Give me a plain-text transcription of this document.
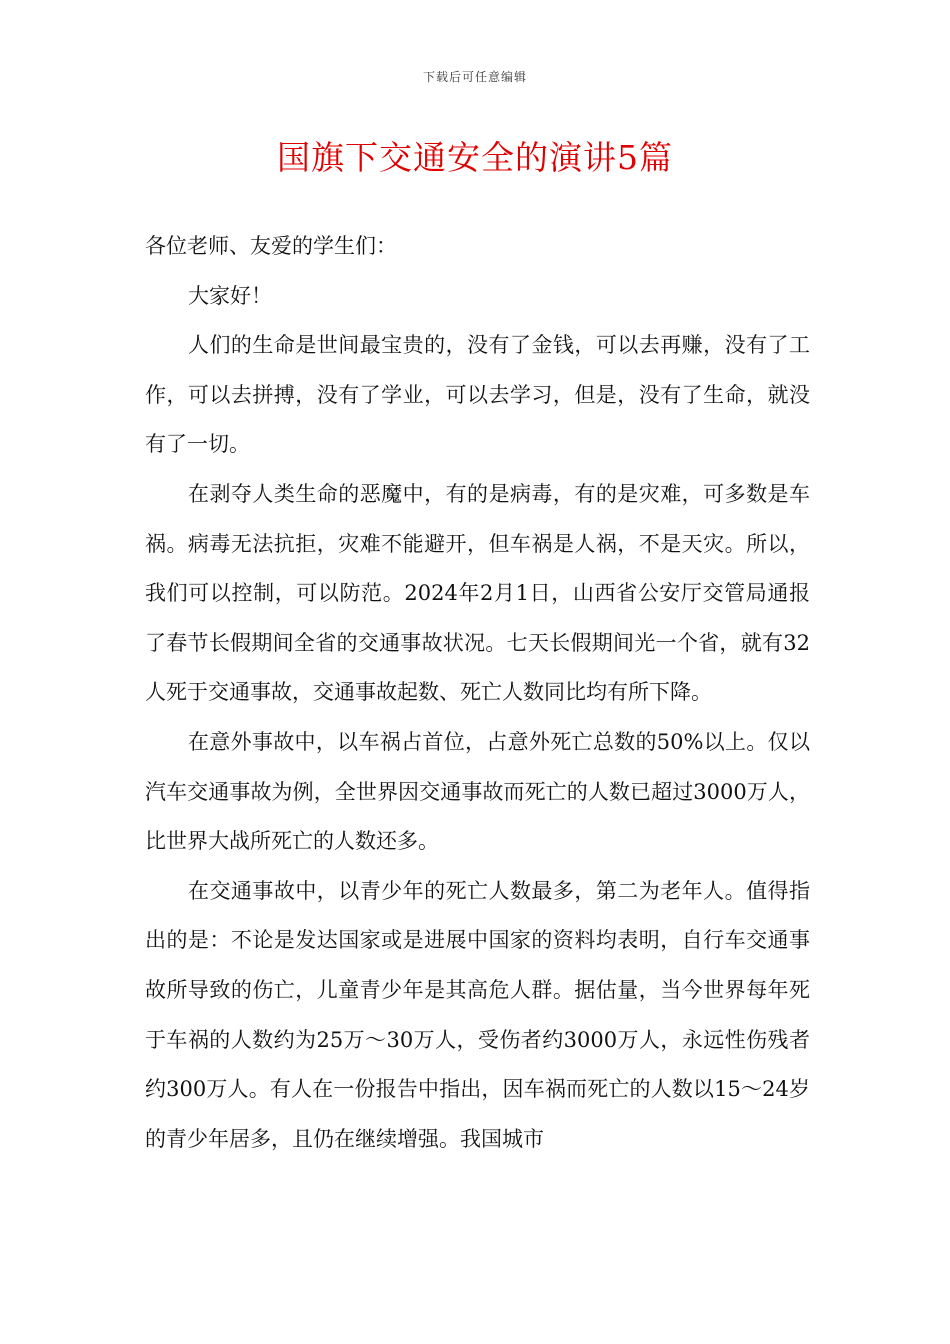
下载后可任意编辑
国旗下交通安全的演讲5篇

各位老师、友爱的学生们：

大家好！

人们的生命是世间最宝贵的，没有了金钱，可以去再赚，没有了工作，可以去拼搏，没有了学业，可以去学习，但是，没有了生命，就没有了一切。

在剥夺人类生命的恶魔中，有的是病毒，有的是灾难，可多数是车祸。病毒无法抗拒，灾难不能避开，但车祸是人祸，不是天灾。所以，我们可以控制，可以防范。2024年2月1日，山西省公安厅交管局通报了春节长假期间全省的交通事故状况。七天长假期间光一个省，就有32人死于交通事故，交通事故起数、死亡人数同比均有所下降。

在意外事故中，以车祸占首位，占意外死亡总数的50%以上。仅以汽车交通事故为例，全世界因交通事故而死亡的人数已超过3000万人，比世界大战所死亡的人数还多。

在交通事故中，以青少年的死亡人数最多，第二为老年人。值得指出的是：不论是发达国家或是进展中国家的资料均表明，自行车交通事故所导致的伤亡，儿童青少年是其高危人群。据估量，当今世界每年死于车祸的人数约为25万～30万人，受伤者约3000万人，永远性伤残者约300万人。有人在一份报告中指出，因车祸而死亡的人数以15～24岁的青少年居多，且仍在继续增强。我国城市
